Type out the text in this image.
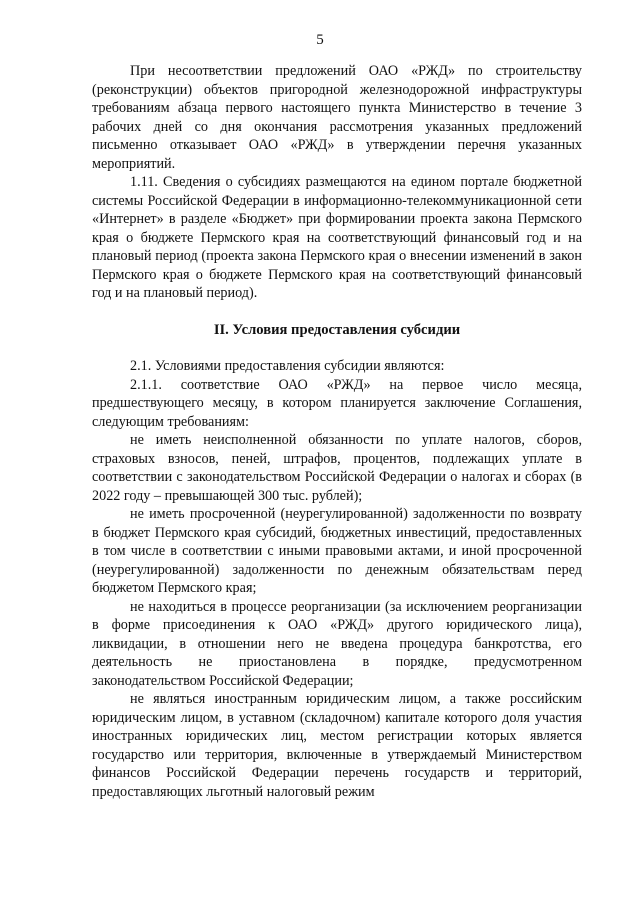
5

При несоответствии предложений ОАО «РЖД» по строительству (реконструкции) объектов пригородной железнодорожной инфраструктуры требованиям абзаца первого настоящего пункта Министерство в течение 3 рабочих дней со дня окончания рассмотрения указанных предложений письменно отказывает ОАО «РЖД» в утверждении перечня указанных мероприятий.

1.11. Сведения о субсидиях размещаются на едином портале бюджетной системы Российской Федерации в информационно-телекоммуникационной сети «Интернет» в разделе «Бюджет» при формировании проекта закона Пермского края о бюджете Пермского края на соответствующий финансовый год и на плановый период (проекта закона Пермского края о внесении изменений в закон Пермского края о бюджете Пермского края на соответствующий финансовый год и на плановый период).

II. Условия предоставления субсидии

2.1. Условиями предоставления субсидии являются:

2.1.1. соответствие ОАО «РЖД» на первое число месяца, предшествующего месяцу, в котором планируется заключение Соглашения, следующим требованиям:

не иметь неисполненной обязанности по уплате налогов, сборов, страховых взносов, пеней, штрафов, процентов, подлежащих уплате в соответствии с законодательством Российской Федерации о налогах и сборах (в 2022 году – превышающей 300 тыс. рублей);

не иметь просроченной (неурегулированной) задолженности по возврату в бюджет Пермского края субсидий, бюджетных инвестиций, предоставленных в том числе в соответствии с иными правовыми актами, и иной просроченной (неурегулированной) задолженности по денежным обязательствам перед бюджетом Пермского края;

не находиться в процессе реорганизации (за исключением реорганизации в форме присоединения к ОАО «РЖД» другого юридического лица), ликвидации, в отношении него не введена процедура банкротства, его деятельность не приостановлена в порядке, предусмотренном законодательством Российской Федерации;

не являться иностранным юридическим лицом, а также российским юридическим лицом, в уставном (складочном) капитале которого доля участия иностранных юридических лиц, местом регистрации которых является государство или территория, включенные в утверждаемый Министерством финансов Российской Федерации перечень государств и территорий, предоставляющих льготный налоговый режим
